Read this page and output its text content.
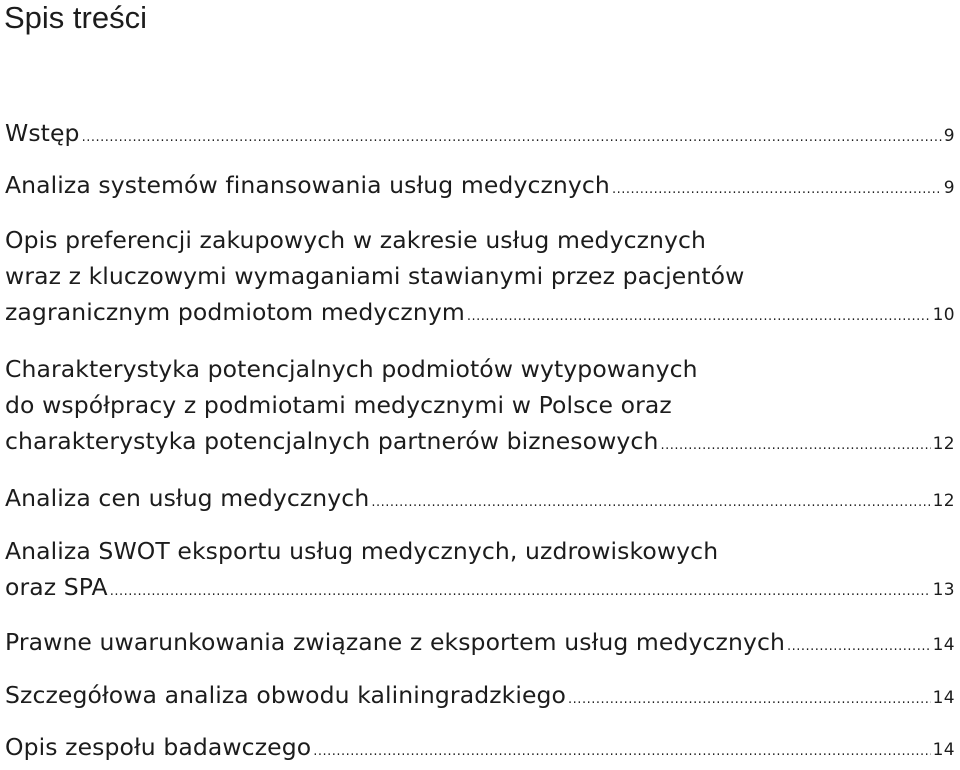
Spis treści
Wstęp .....	9
Analiza systemów finansowania usług medycznych .....	9
Opis preferencji zakupowych w zakresie usług medycznych
wraz z kluczowymi wymaganiami stawianymi przez pacjentów
zagranicznym podmiotom medycznym .....	10
Charakterystyka potencjalnych podmiotów wytypowanych
do współpracy z podmiotami medycznymi w Polsce oraz
charakterystyka potencjalnych partnerów biznesowych .....	12
Analiza cen usług medycznych .....	12
Analiza SWOT eksportu usług medycznych, uzdrowiskowych
oraz SPA .....	13
Prawne uwarunkowania związane z eksportem usług medycznych .....	14
Szczegółowa analiza obwodu kaliningradzkiego .....	14
Opis zespołu badawczego .....	14
